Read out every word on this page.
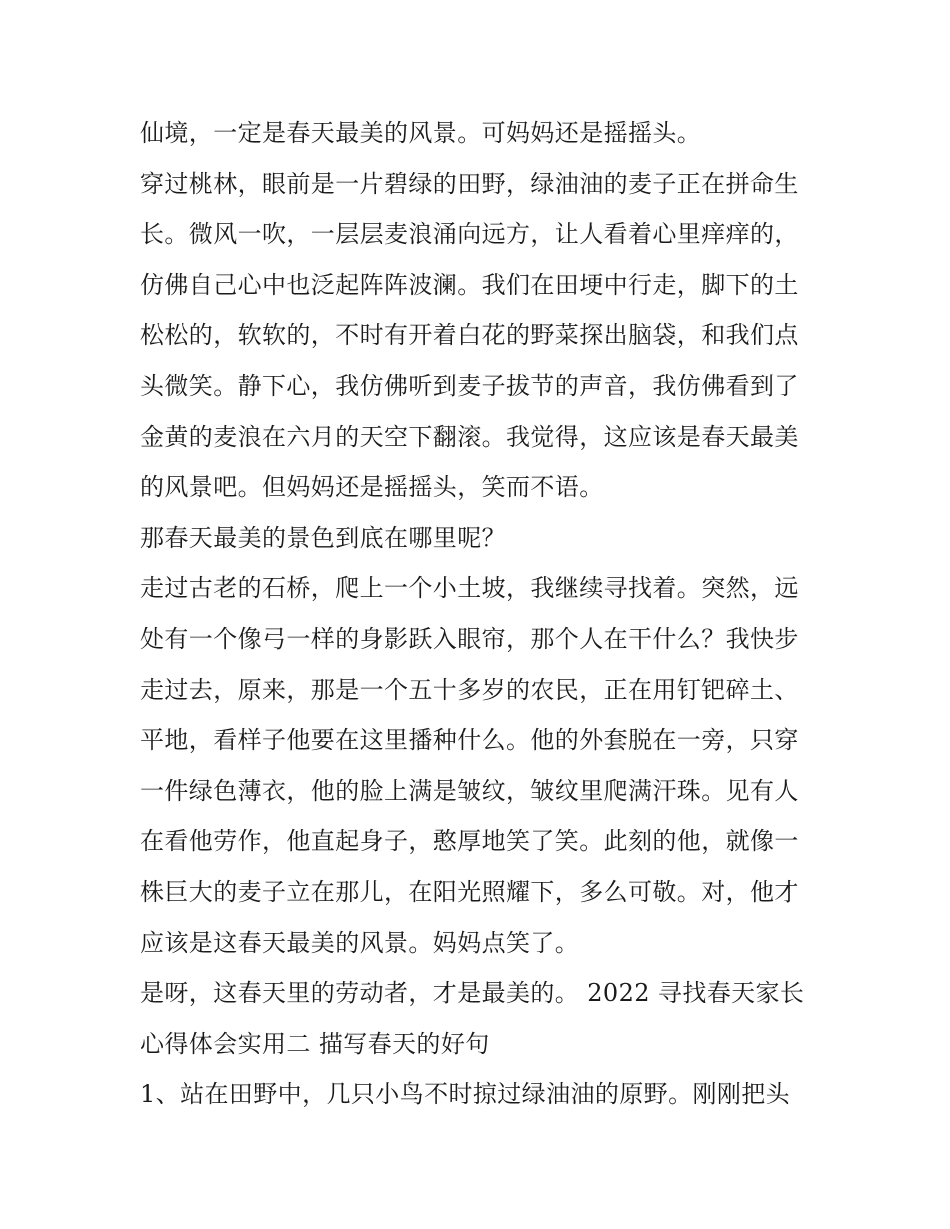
仙境，一定是春天最美的风景。可妈妈还是摇摇头。
穿过桃林，眼前是一片碧绿的田野，绿油油的麦子正在拼命生
长。微风一吹，一层层麦浪涌向远方，让人看着心里痒痒的，
仿佛自己心中也泛起阵阵波澜。我们在田埂中行走，脚下的土
松松的，软软的，不时有开着白花的野菜探出脑袋，和我们点
头微笑。静下心，我仿佛听到麦子拔节的声音，我仿佛看到了
金黄的麦浪在六月的天空下翻滚。我觉得，这应该是春天最美
的风景吧。但妈妈还是摇摇头，笑而不语。
那春天最美的景色到底在哪里呢？
走过古老的石桥，爬上一个小土坡，我继续寻找着。突然，远
处有一个像弓一样的身影跃入眼帘，那个人在干什么？我快步
走过去，原来，那是一个五十多岁的农民，正在用钉钯碎土、
平地，看样子他要在这里播种什么。他的外套脱在一旁，只穿
一件绿色薄衣，他的脸上满是皱纹，皱纹里爬满汗珠。见有人
在看他劳作，他直起身子，憨厚地笑了笑。此刻的他，就像一
株巨大的麦子立在那儿，在阳光照耀下，多么可敬。对，他才
应该是这春天最美的风景。妈妈点笑了。
是呀，这春天里的劳动者，才是最美的。 2022 寻找春天家长
心得体会实用二 描写春天的好句
1、站在田野中，几只小鸟不时掠过绿油油的原野。刚刚把头
